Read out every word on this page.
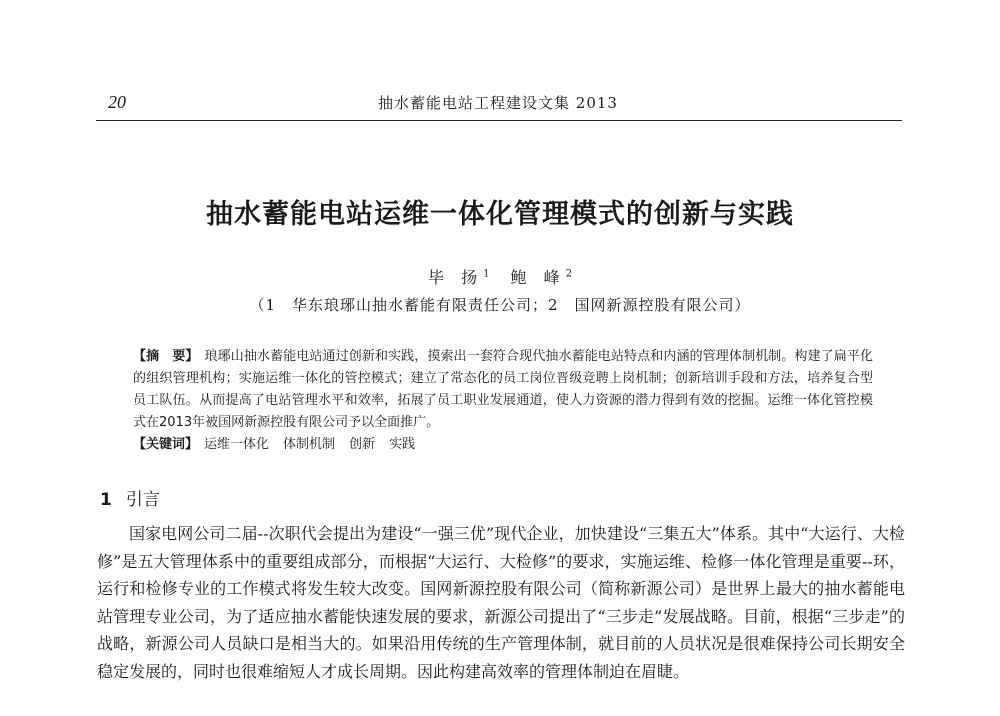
20	抽水蓄能电站工程建设文集 2013
抽水蓄能电站运维一体化管理模式的创新与实践
毕 扬$^1$ 鲍 峰$^2$
（1　华东琅琊山抽水蓄能有限责任公司；2　国网新源控股有限公司）

【摘　要】 琅琊山抽水蓄能电站通过创新和实践，摸索出一套符合现代抽水蓄能电站特点和内涵的管理体制机制。构建了扁平化的组织管理机构；实施运维一体化的管控模式；建立了常态化的员工岗位晋级竞聘上岗机制；创新培训手段和方法，培养复合型员工队伍。从而提高了电站管理水平和效率，拓展了员工职业发展通道，使人力资源的潜力得到有效的挖掘。运维一体化管控模式在2013年被国网新源控股有限公司予以全面推广。

【关键词】 运维一体化 体制机制 创新 实践

1 引言

国家电网公司二届--次职代会提出为建设“一强三优”现代企业，加快建设“三集五大”体系。其中“大运行、大检修”是五大管理体系中的重要组成部分，而根据“大运行、大检修”的要求，实施运维、检修一体化管理是重要--环，运行和检修专业的工作模式将发生较大改变。国网新源控股有限公司（简称新源公司）是世界上最大的抽水蓄能电站管理专业公司，为了适应抽水蓄能快速发展的要求，新源公司提出了“三步走”发展战略。目前，根据“三步走”的战略，新源公司人员缺口是相当大的。如果沿用传统的生产管理体制，就目前的人员状况是很难保持公司长期安全稳定发展的，同时也很难缩短人才成长周期。因此构建高效率的管理体制迫在眉睫。
